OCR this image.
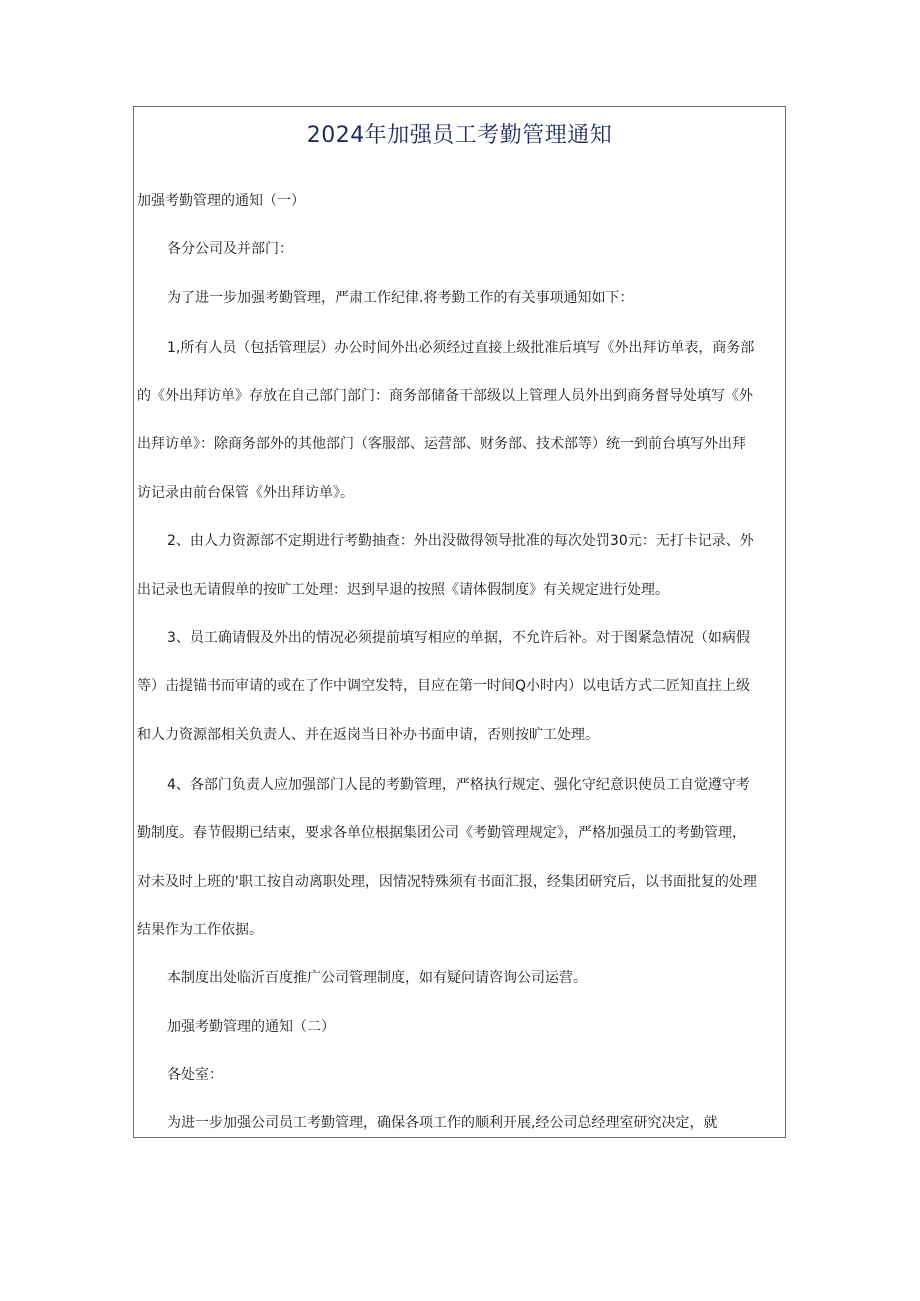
2024年加强员工考勤管理通知
加强考勤管理的通知（一）
各分公司及并部门：
为了进一步加强考勤管理，严肃工作纪律.将考勤工作的有关事项通知如下：
1,所有人员（包括管理层）办公时间外出必须经过直接上级批准后填写《外出拜访单表，商务部
的《外出拜访单》存放在自己部门部门：商务部储备干部级以上管理人员外出到商务督导处填写《外
出拜访单》：除商务部外的其他部门（客服部、运营部、财务部、技术部等）统一到前台填写外出拜
访记录由前台保管《外出拜访单》。
2、由人力资源部不定期进行考勤抽查：外出没做得领导批准的每次处罚30元：无打卡记录、外
出记录也无请假单的按旷工处理：迟到早退的按照《请体假制度》有关规定进行处理。
3、员工确请假及外出的情况必须提前填写相应的单据，不允许后补。对于图紧急情况（如病假
等）击提锚书而审请的或在了作中调空发特，目应在第一时间Q小时内）以电话方式二匠知直拄上级
和人力资源部相关负责人、并在返岗当日补办书面申请，否则按旷工处理。
4、各部门负责人应加强部门人昆的考勤管理，严格执行规定、强化守纪意识使员工自觉遵守考
勤制度。春节假期已结束，要求各单位根据集团公司《考勤管理规定》，严格加强员工的考勤管理，
对未及时上班的'职工按自动离职处理，因情况特殊须有书面汇报，经集团研究后，以书面批复的处理
结果作为工作依据。
本制度出处临沂百度推广公司管理制度，如有疑问请咨询公司运营。
加强考勤管理的通知（二）
各处室：
为进一步加强公司员工考勤管理，确保各项工作的顺利开展,经公司总经理室研究决定，就
